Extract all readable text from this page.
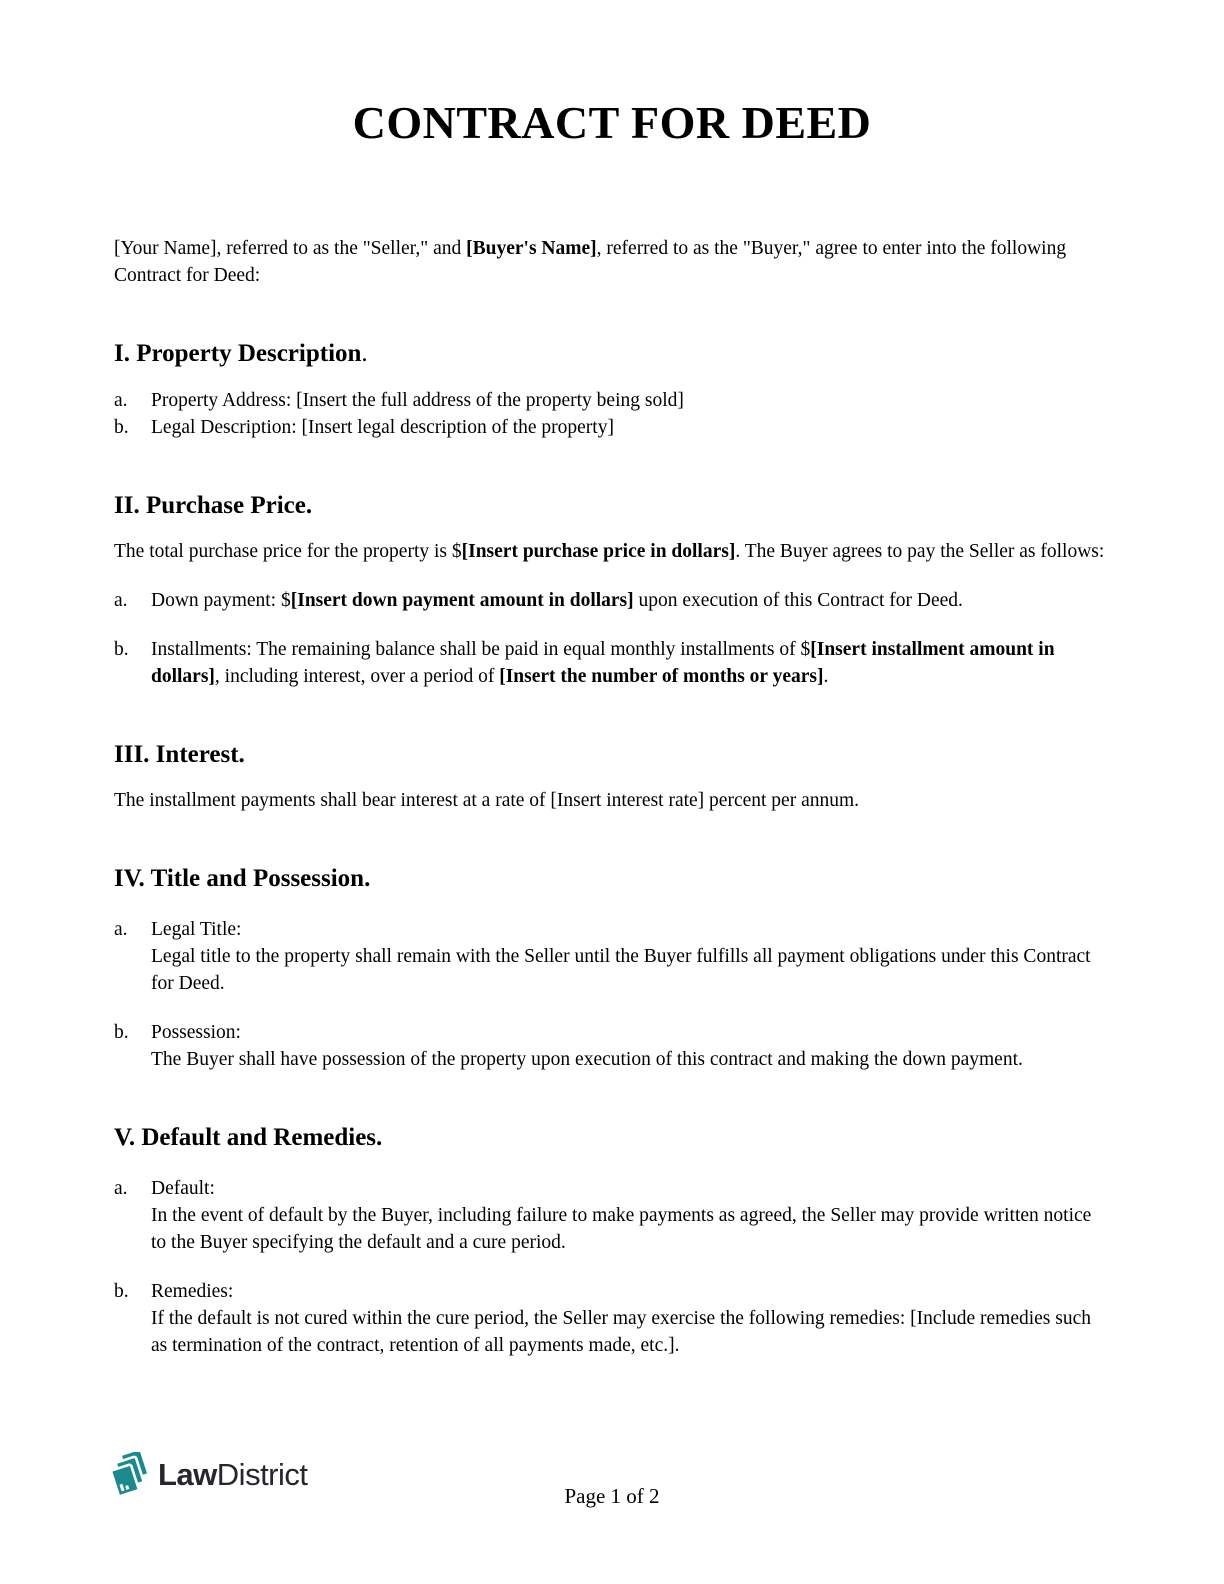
CONTRACT FOR DEED

[Your Name], referred to as the "Seller," and [Buyer's Name], referred to as the "Buyer," agree to enter into the following Contract for Deed:

I. Property Description.
a.	Property Address: [Insert the full address of the property being sold]
b.	Legal Description: [Insert legal description of the property]
II. Purchase Price.

The total purchase price for the property is $[Insert purchase price in dollars]. The Buyer agrees to pay the Seller as follows:

a.	Down payment: $[Insert down payment amount in dollars] upon execution of this Contract for Deed.
b.	Installments: The remaining balance shall be paid in equal monthly installments of $[Insert installment amount in dollars], including interest, over a period of [Insert the number of months or years].
III. Interest.

The installment payments shall bear interest at a rate of [Insert interest rate] percent per annum.

IV. Title and Possession.
a.	Legal Title:
Legal title to the property shall remain with the Seller until the Buyer fulfills all payment obligations under this Contract for Deed.
b.	Possession:
The Buyer shall have possession of the property upon execution of this contract and making the down payment.
V. Default and Remedies.
a.	Default:
In the event of default by the Buyer, including failure to make payments as agreed, the Seller may provide written notice to the Buyer specifying the default and a cure period.
b.	Remedies:
If the default is not cured within the cure period, the Seller may exercise the following remedies: [Include remedies such as termination of the contract, retention of all payments made, etc.].
LawDistrict
Page 1 of 2
